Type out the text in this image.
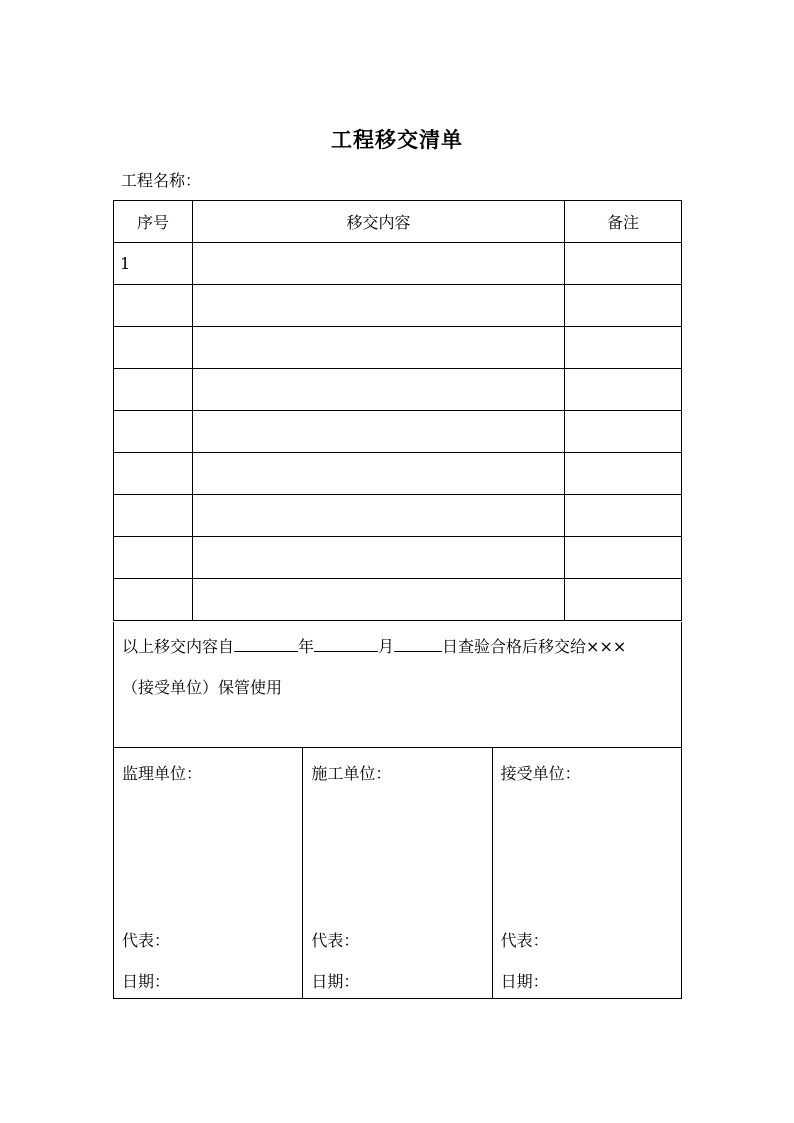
工程移交清单
工程名称：
序号	移交内容	备注
1		

以上移交内容自	年	月	日查验合格后移交给×××
（接受单位）保管使用
监理单位：
代表：
日期：
施工单位：
代表：
日期：
接受单位：
代表：
日期：
